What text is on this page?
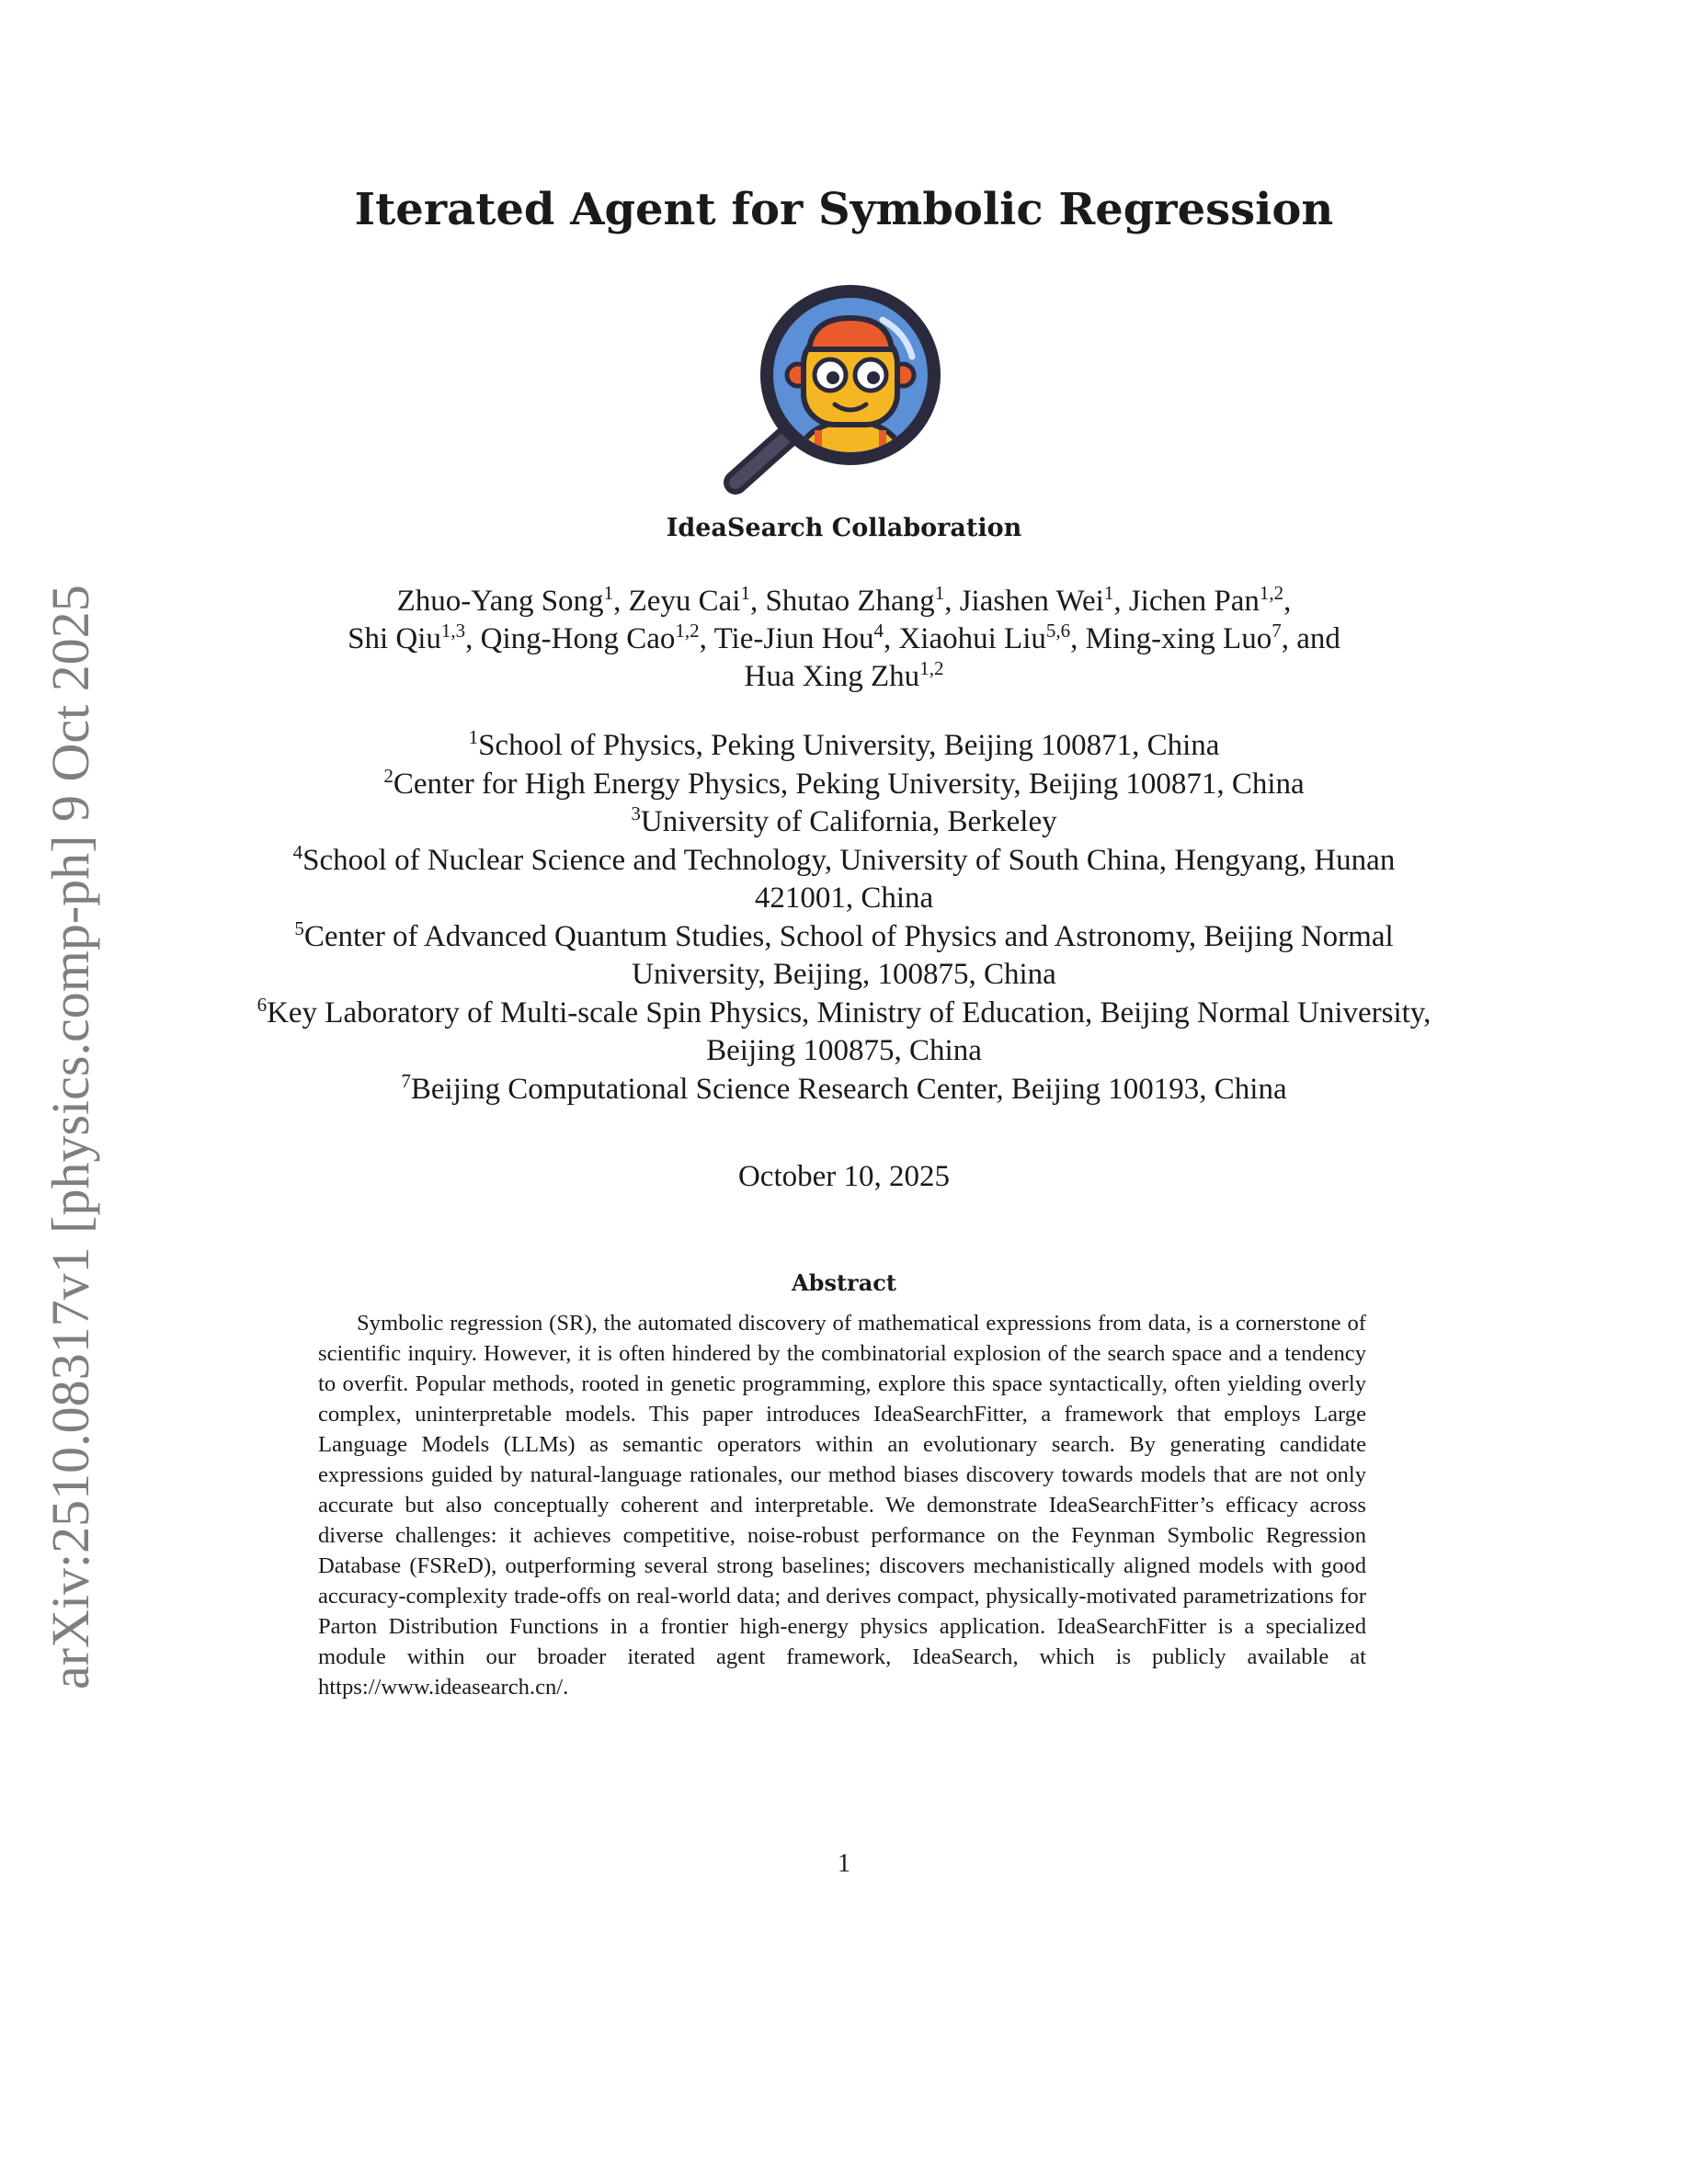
arXiv:2510.08317v1 [physics.comp-ph] 9 Oct 2025
Iterated Agent for Symbolic Regression
IdeaSearch Collaboration
Zhuo-Yang Song$^1$, Zeyu Cai$^1$, Shutao Zhang$^1$, Jiashen Wei$^1$, Jichen Pan$^{1,2}$,
Shi Qiu$^{1,3}$, Qing-Hong Cao$^{1,2}$, Tie-Jiun Hou$^4$, Xiaohui Liu$^{5,6}$, Ming-xing Luo$^7$, and
Hua Xing Zhu$^{1,2}$
$^1$School of Physics, Peking University, Beijing 100871, China
$^2$Center for High Energy Physics, Peking University, Beijing 100871, China
$^3$University of California, Berkeley
$^4$School of Nuclear Science and Technology, University of South China, Hengyang, Hunan 421001, China
$^5$Center of Advanced Quantum Studies, School of Physics and Astronomy, Beijing Normal University, Beijing, 100875, China
$^6$Key Laboratory of Multi-scale Spin Physics, Ministry of Education, Beijing Normal University, Beijing 100875, China
$^7$Beijing Computational Science Research Center, Beijing 100193, China
October 10, 2025
Abstract

Symbolic regression (SR), the automated discovery of mathematical expressions from data, is a cornerstone of scientific inquiry. However, it is often hindered by the combinatorial explosion of the search space and a tendency to overfit. Popular methods, rooted in genetic programming, explore this space syntactically, often yielding overly complex, uninterpretable models. This paper introduces IdeaSearchFitter, a framework that employs Large Language Models (LLMs) as semantic operators within an evolutionary search. By generating candidate expressions guided by natural-language rationales, our method biases discovery towards models that are not only accurate but also conceptually coherent and interpretable. We demonstrate IdeaSearchFitter’s efficacy across diverse challenges: it achieves competitive, noise-robust performance on the Feynman Symbolic Regression Database (FSReD), outperforming several strong baselines; discovers mechanistically aligned models with good accuracy-complexity trade-offs on real-world data; and derives compact, physically-motivated parametrizations for Parton Distribution Functions in a frontier high-energy physics application. IdeaSearchFitter is a specialized module within our broader iterated agent framework, IdeaSearch, which is publicly available at https://www.ideasearch.cn/.

1
